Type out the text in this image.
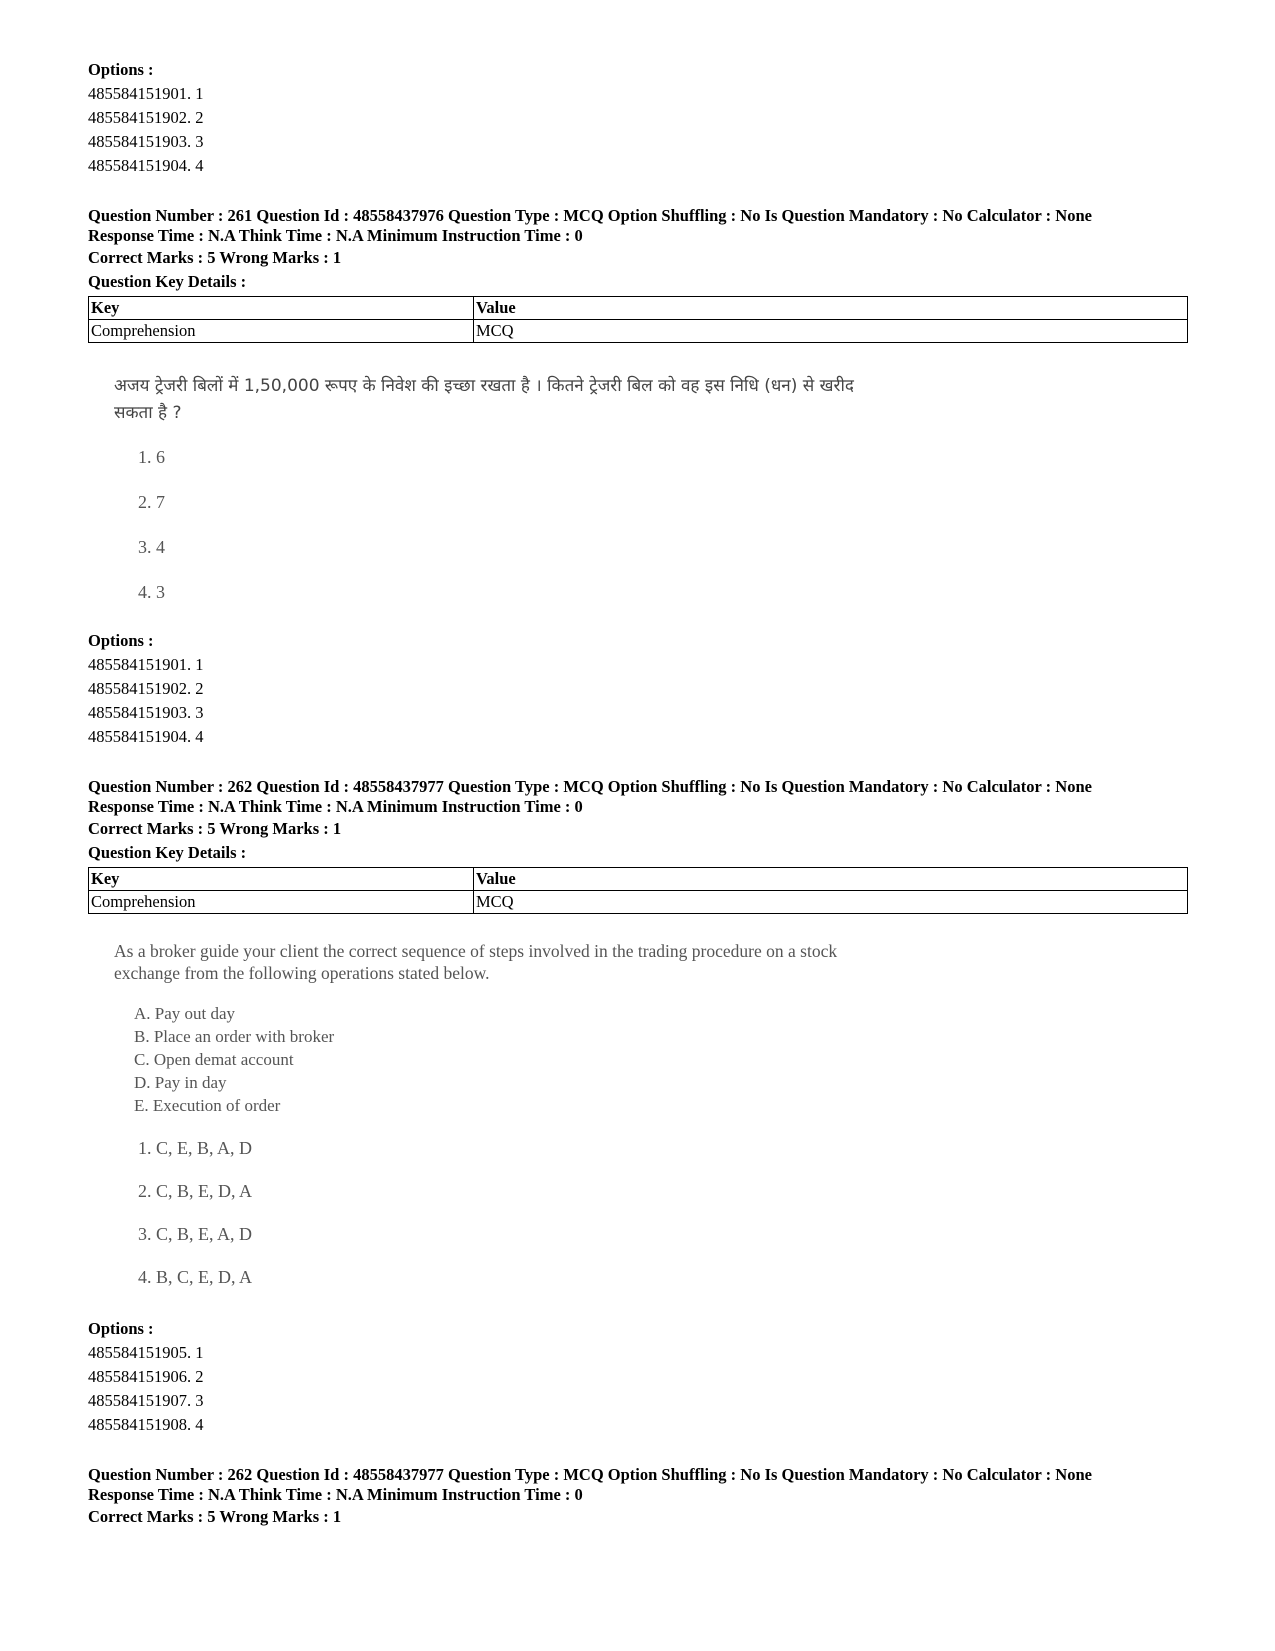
Options :
485584151901. 1
485584151902. 2
485584151903. 3
485584151904. 4
Question Number : 261 Question Id : 48558437976 Question Type : MCQ Option Shuffling : No Is Question Mandatory : No Calculator : None
Response Time : N.A Think Time : N.A Minimum Instruction Time : 0
Correct Marks : 5 Wrong Marks : 1
Question Key Details :
Key	Value
Comprehension	MCQ
अजय ट्रेजरी बिलों में 1,50,000 रूपए के निवेश की इच्छा रखता है । कितने ट्रेजरी बिल को वह इस निधि (धन) से खरीद
सकता है ?
1. 6
2. 7
3. 4
4. 3
Options :
485584151901. 1
485584151902. 2
485584151903. 3
485584151904. 4
Question Number : 262 Question Id : 48558437977 Question Type : MCQ Option Shuffling : No Is Question Mandatory : No Calculator : None
Response Time : N.A Think Time : N.A Minimum Instruction Time : 0
Correct Marks : 5 Wrong Marks : 1
Question Key Details :
Key	Value
Comprehension	MCQ
As a broker guide your client the correct sequence of steps involved in the trading procedure on a stock
exchange from the following operations stated below.
A. Pay out day
B. Place an order with broker
C. Open demat account
D. Pay in day
E. Execution of order
1. C, E, B, A, D
2. C, B, E, D, A
3. C, B, E, A, D
4. B, C, E, D, A
Options :
485584151905. 1
485584151906. 2
485584151907. 3
485584151908. 4
Question Number : 262 Question Id : 48558437977 Question Type : MCQ Option Shuffling : No Is Question Mandatory : No Calculator : None
Response Time : N.A Think Time : N.A Minimum Instruction Time : 0
Correct Marks : 5 Wrong Marks : 1
